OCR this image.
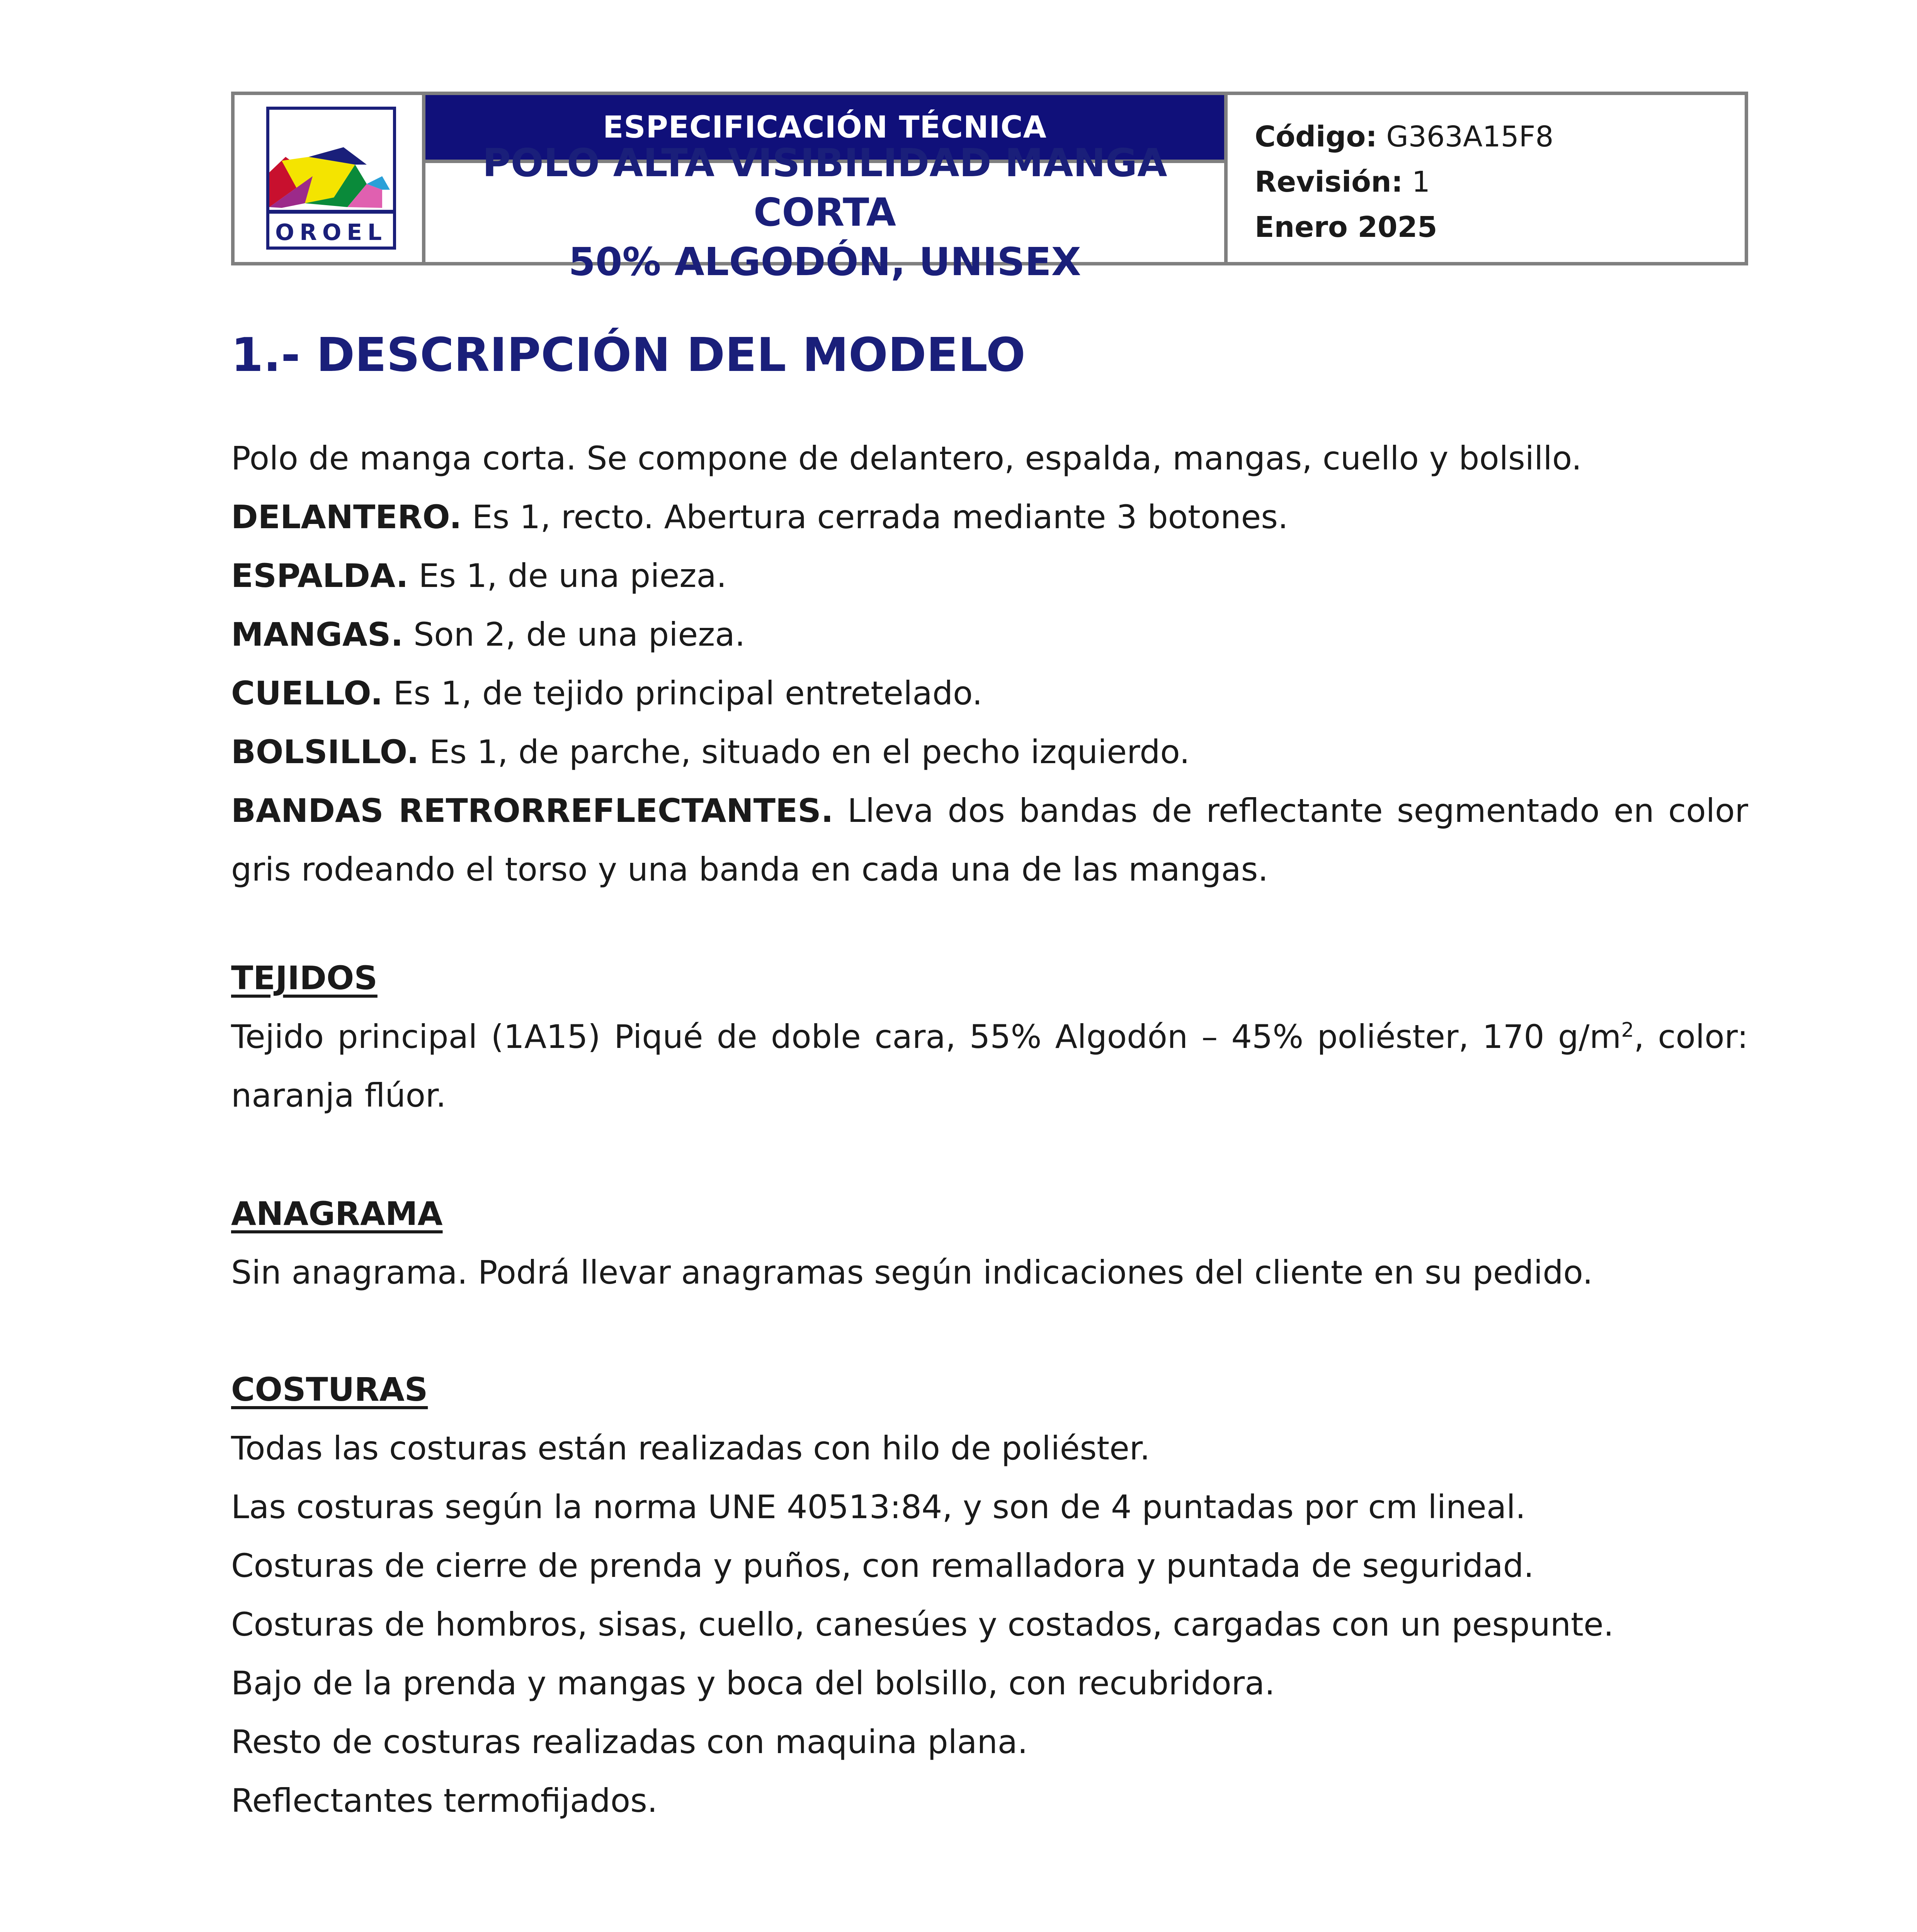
OROEL
ESPECIFICACIÓN TÉCNICA
POLO ALTA VISIBILIDAD MANGA CORTA
50% ALGODÓN, UNISEX
Código: G363A15F8
Revisión: 1
Enero 2025
1.- DESCRIPCIÓN DEL MODELO

Polo de manga corta. Se compone de delantero, espalda, mangas, cuello y bolsillo.

DELANTERO. Es 1, recto. Abertura cerrada mediante 3 botones.

ESPALDA. Es 1, de una pieza.

MANGAS. Son 2, de una pieza.

CUELLO. Es 1, de tejido principal entretelado.

BOLSILLO. Es 1, de parche, situado en el pecho izquierdo.

BANDAS RETRORREFLECTANTES. Lleva dos bandas de reflectante segmentado en color gris rodeando el torso y una banda en cada una de las mangas.

TEJIDOS

Tejido principal (1A15) Piqué de doble cara, 55% Algodón – 45% poliéster, 170 $g/m^2$, color: naranja flúor.

ANAGRAMA

Sin anagrama. Podrá llevar anagramas según indicaciones del cliente en su pedido.

COSTURAS

Todas las costuras están realizadas con hilo de poliéster.

Las costuras según la norma UNE 40513:84, y son de 4 puntadas por cm lineal.

Costuras de cierre de prenda y puños, con remalladora y puntada de seguridad.

Costuras de hombros, sisas, cuello, canesúes y costados, cargadas con un pespunte.

Bajo de la prenda y mangas y boca del bolsillo, con recubridora.

Resto de costuras realizadas con maquina plana.

Reflectantes termofijados.
